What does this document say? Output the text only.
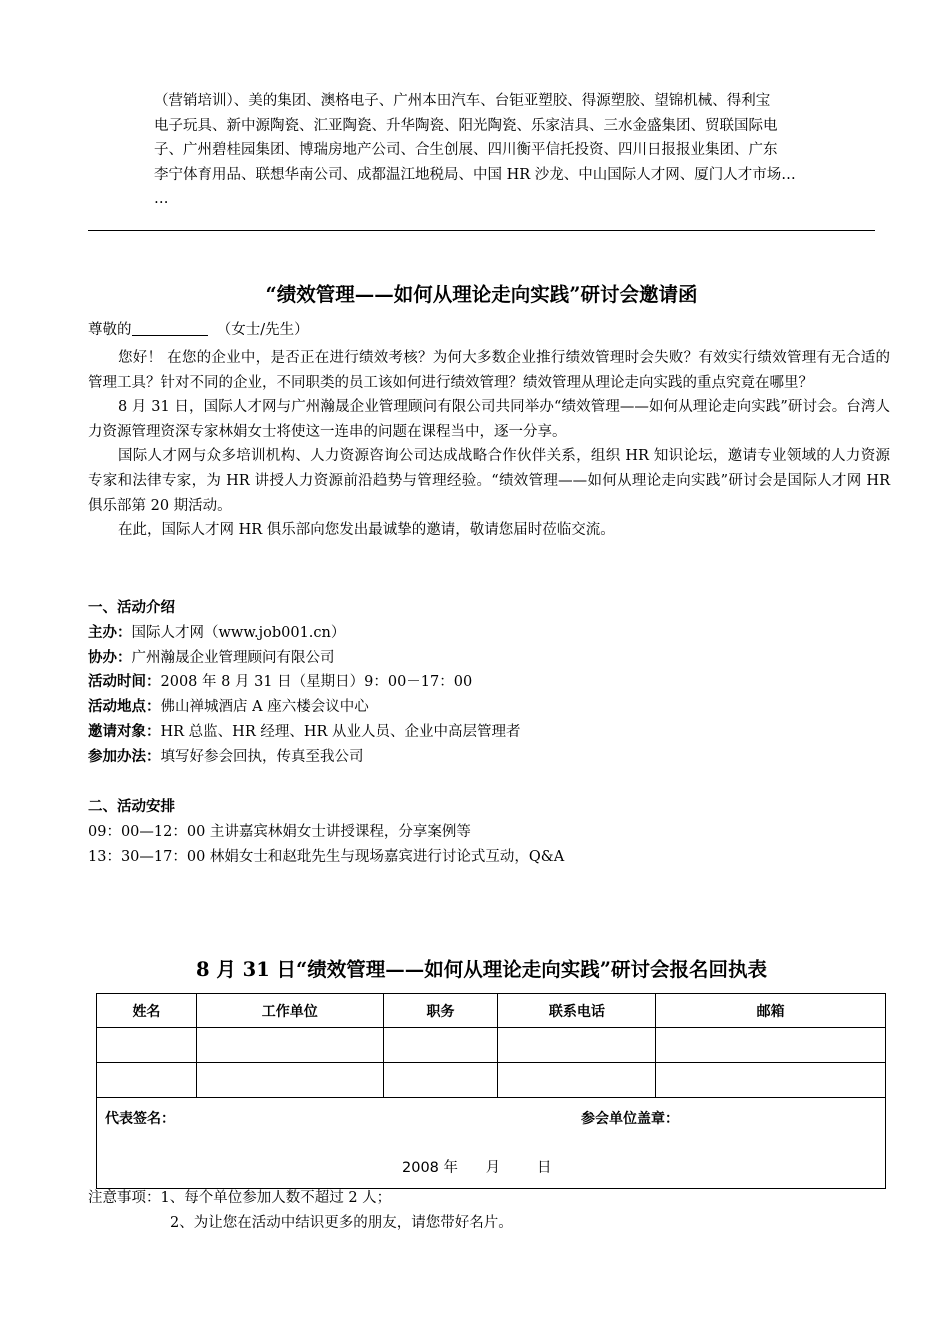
（营销培训）、美的集团、澳格电子、广州本田汽车、台钜亚塑胶、得源塑胶、望锦机械、得利宝
电子玩具、新中源陶瓷、汇亚陶瓷、升华陶瓷、阳光陶瓷、乐家洁具、三水金盛集团、贸联国际电
子、广州碧桂园集团、博瑞房地产公司、合生创展、四川衡平信托投资、四川日报报业集团、广东
李宁体育用品、联想华南公司、成都温江地税局、中国 HR 沙龙、中山国际人才网、厦门人才市场…
…
“绩效管理——如何从理论走向实践”研讨会邀请函
尊敬的	（女士/先生）

您好！ 在您的企业中，是否正在进行绩效考核？为何大多数企业推行绩效管理时会失败？有效实行绩效管理有无合适的管理工具？针对不同的企业，不同职类的员工该如何进行绩效管理？绩效管理从理论走向实践的重点究竟在哪里？

8 月 31 日，国际人才网与广州瀚晟企业管理顾问有限公司共同举办“绩效管理——如何从理论走向实践”研讨会。台湾人力资源管理资深专家林娟女士将使这一连串的问题在课程当中，逐一分享。

国际人才网与众多培训机构、人力资源咨询公司达成战略合作伙伴关系，组织 HR 知识论坛，邀请专业领域的人力资源专家和法律专家，为 HR 讲授人力资源前沿趋势与管理经验。“绩效管理——如何从理论走向实践”研讨会是国际人才网 HR 俱乐部第 20 期活动。

在此，国际人才网 HR 俱乐部向您发出最诚挚的邀请，敬请您届时莅临交流。

一、活动介绍
主办：国际人才网（www.job001.cn）
协办：广州瀚晟企业管理顾问有限公司
活动时间：2008 年 8 月 31 日（星期日）9：00－17：00
活动地点：佛山禅城酒店 A 座六楼会议中心
邀请对象：HR 总监、HR 经理、HR 从业人员、企业中高层管理者
参加办法：填写好参会回执，传真至我公司
二、活动安排
09：00—12：00 主讲嘉宾林娟女士讲授课程，分享案例等
13：30—17：00 林娟女士和赵玭先生与现场嘉宾进行讨论式互动，Q&A
8 月 31 日“绩效管理——如何从理论走向实践”研讨会报名回执表
姓名	工作单位	职务	联系电话	邮箱

代表签名： 参会单位盖章：
2008 年      月        日				
注意事项：1、每个单位参加人数不超过 2 人；
2、为让您在活动中结识更多的朋友，请您带好名片。
